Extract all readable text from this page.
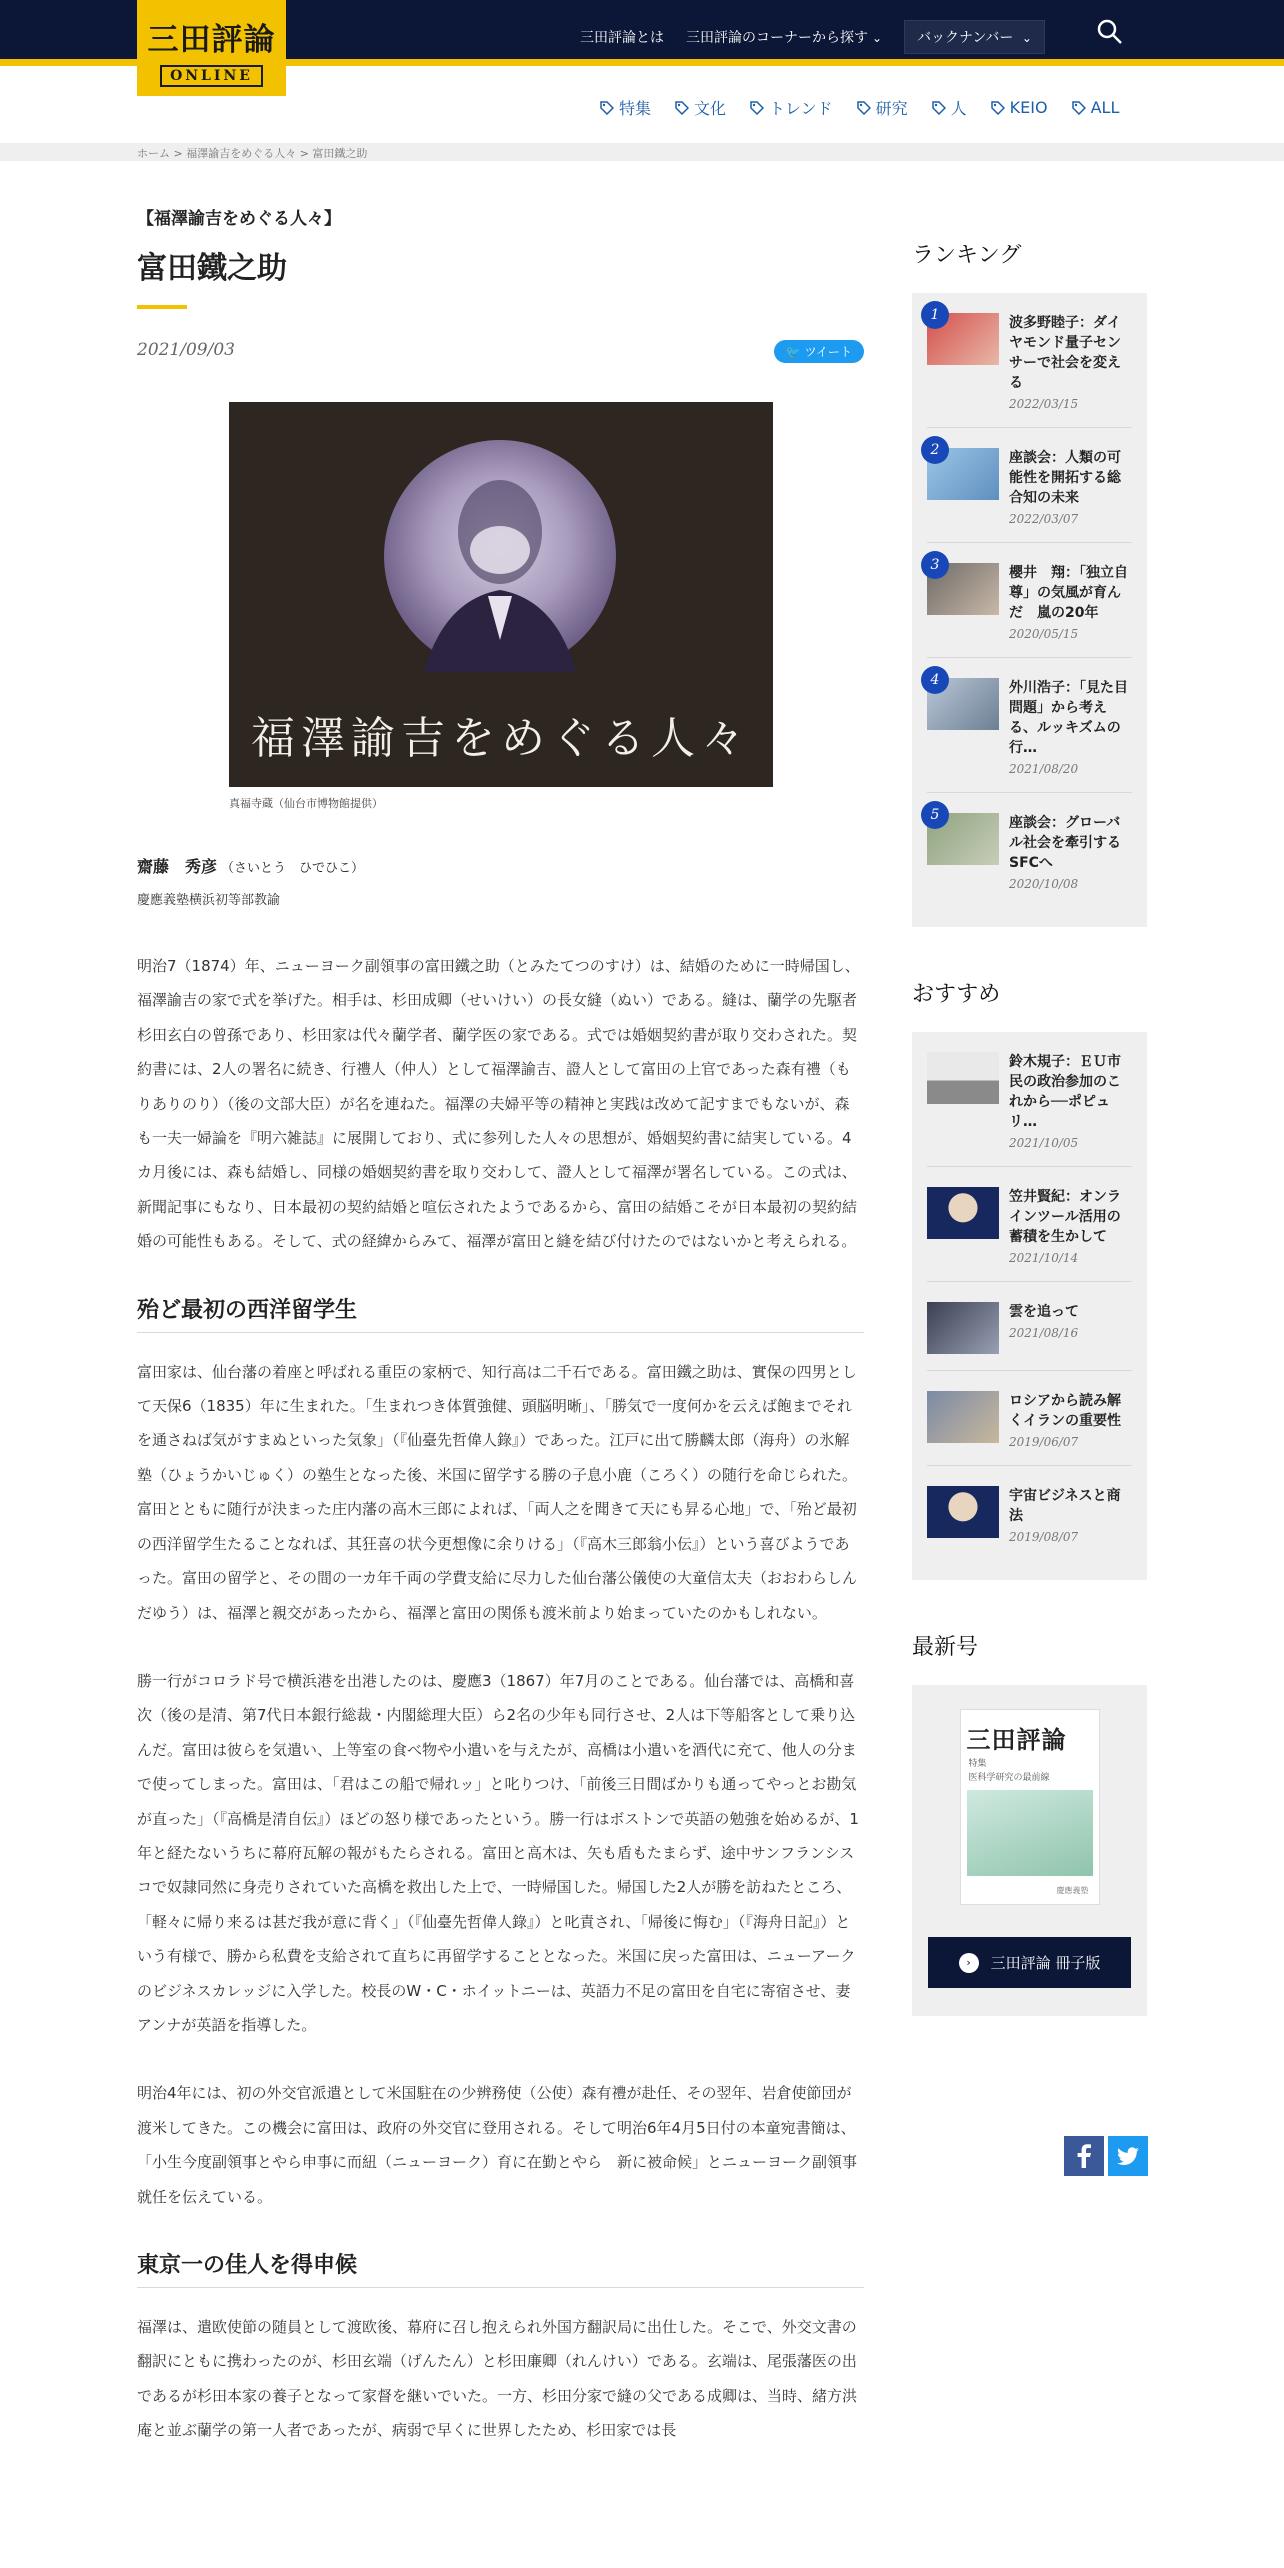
三田評論とは 三田評論のコーナーから探す ⌄	バックナンバー ⌄
三田評論
ONLINE
特集	文化	トレンド	研究	人	KEIO	ALL
ホーム > 福澤諭吉をめぐる人々 > 富田鐵之助
【福澤諭吉をめぐる人々】
富田鐵之助
2021/09/03	🐦 ツイート
福澤諭吉をめぐる人々
真福寺蔵（仙台市博物館提供）
齋藤　秀彦 （さいとう　ひでひこ）
慶應義塾横浜初等部教諭

明治7（1874）年、ニューヨーク副領事の富田鐵之助（とみたてつのすけ）は、結婚のために一時帰国し、福澤諭吉の家で式を挙げた。相手は、杉田成卿（せいけい）の長女縫（ぬい）である。縫は、蘭学の先駆者杉田玄白の曾孫であり、杉田家は代々蘭学者、蘭学医の家である。式では婚姻契約書が取り交わされた。契約書には、2人の署名に続き、行禮人（仲人）として福澤諭吉、證人として富田の上官であった森有禮（もりありのり）（後の文部大臣）が名を連ねた。福澤の夫婦平等の精神と実践は改めて記すまでもないが、森も一夫一婦論を『明六雑誌』に展開しており、式に参列した人々の思想が、婚姻契約書に結実している。4カ月後には、森も結婚し、同様の婚姻契約書を取り交わして、證人として福澤が署名している。この式は、新聞記事にもなり、日本最初の契約結婚と喧伝されたようであるから、富田の結婚こそが日本最初の契約結婚の可能性もある。そして、式の経緯からみて、福澤が富田と縫を結び付けたのではないかと考えられる。

殆ど最初の西洋留学生

富田家は、仙台藩の着座と呼ばれる重臣の家柄で、知行高は二千石である。富田鐵之助は、實保の四男として天保6（1835）年に生まれた。「生まれつき体質強健、頭脳明晰」、「勝気で一度何かを云えば飽までそれを通さねば気がすまぬといった気象」（『仙臺先哲偉人錄』）であった。江戸に出て勝麟太郎（海舟）の氷解塾（ひょうかいじゅく）の塾生となった後、米国に留学する勝の子息小鹿（ころく）の随行を命じられた。富田とともに随行が決まった庄内藩の高木三郎によれば、「両人之を聞きて天にも昇る心地」で、「殆ど最初の西洋留学生たることなれば、其狂喜の状今更想像に余りける」（『高木三郎翁小伝』）という喜びようであった。富田の留学と、その間の一カ年千両の学費支給に尽力した仙台藩公儀使の大童信太夫（おおわらしんだゆう）は、福澤と親交があったから、福澤と富田の関係も渡米前より始まっていたのかもしれない。

勝一行がコロラド号で横浜港を出港したのは、慶應3（1867）年7月のことである。仙台藩では、高橋和喜次（後の是清、第7代日本銀行総裁・内閣総理大臣）ら2名の少年も同行させ、2人は下等船客として乗り込んだ。富田は彼らを気遣い、上等室の食べ物や小遣いを与えたが、高橋は小遣いを酒代に充て、他人の分まで使ってしまった。富田は、「君はこの船で帰れッ」と叱りつけ、「前後三日間ばかりも通ってやっとお勘気が直った」（『高橋是清自伝』）ほどの怒り様であったという。勝一行はボストンで英語の勉強を始めるが、1年と経たないうちに幕府瓦解の報がもたらされる。富田と高木は、矢も盾もたまらず、途中サンフランシスコで奴隷同然に身売りされていた高橋を救出した上で、一時帰国した。帰国した2人が勝を訪ねたところ、「軽々に帰り来るは甚だ我が意に背く」（『仙臺先哲偉人錄』）と叱責され、「帰後に悔む」（『海舟日記』）という有様で、勝から私費を支給されて直ちに再留学することとなった。米国に戻った富田は、ニューアークのビジネスカレッジに入学した。校長のW・C・ホイットニーは、英語力不足の富田を自宅に寄宿させ、妻アンナが英語を指導した。

明治4年には、初の外交官派遣として米国駐在の少辨務使（公使）森有禮が赴任、その翌年、岩倉使節団が渡米してきた。この機会に富田は、政府の外交官に登用される。そして明治6年4月5日付の本童宛書簡は、「小生今度副領事とやら申事に而紐（ニューヨーク）育に在勤とやら　新に被命候」とニューヨーク副領事就任を伝えている。

東京一の佳人を得申候

福澤は、遣欧使節の随員として渡欧後、幕府に召し抱えられ外国方翻訳局に出仕した。そこで、外交文書の翻訳にともに携わったのが、杉田玄端（げんたん）と杉田廉卿（れんけい）である。玄端は、尾張藩医の出であるが杉田本家の養子となって家督を継いでいた。一方、杉田分家で縫の父である成卿は、当時、緒方洪庵と並ぶ蘭学の第一人者であったが、病弱で早くに世界したため、杉田家では長

ランキング
1	波多野睦子：ダイヤモンド量子センサーで社会を変える
2022/03/15
2	座談会：人類の可能性を開拓する総合知の未来
2022/03/07
3	櫻井　翔：「独立自尊」の気風が育んだ　嵐の20年
2020/05/15
4	外川浩子：「見た目問題」から考える、ルッキズムの行…
2021/08/20
5	座談会：グローバル社会を牽引するSFCへ
2020/10/08
おすすめ
鈴木規子：ＥＵ市民の政治参加のこれから──ポピュリ…
2021/10/05
笠井賢紀：オンラインツール活用の蓄積を生かして
2021/10/14
雲を追って
2021/08/16
ロシアから読み解くイランの重要性
2019/06/07
宇宙ビジネスと商法
2019/08/07
最新号
三田評論
特集
医科学研究の最前線
慶應義塾
›	三田評論 冊子版
